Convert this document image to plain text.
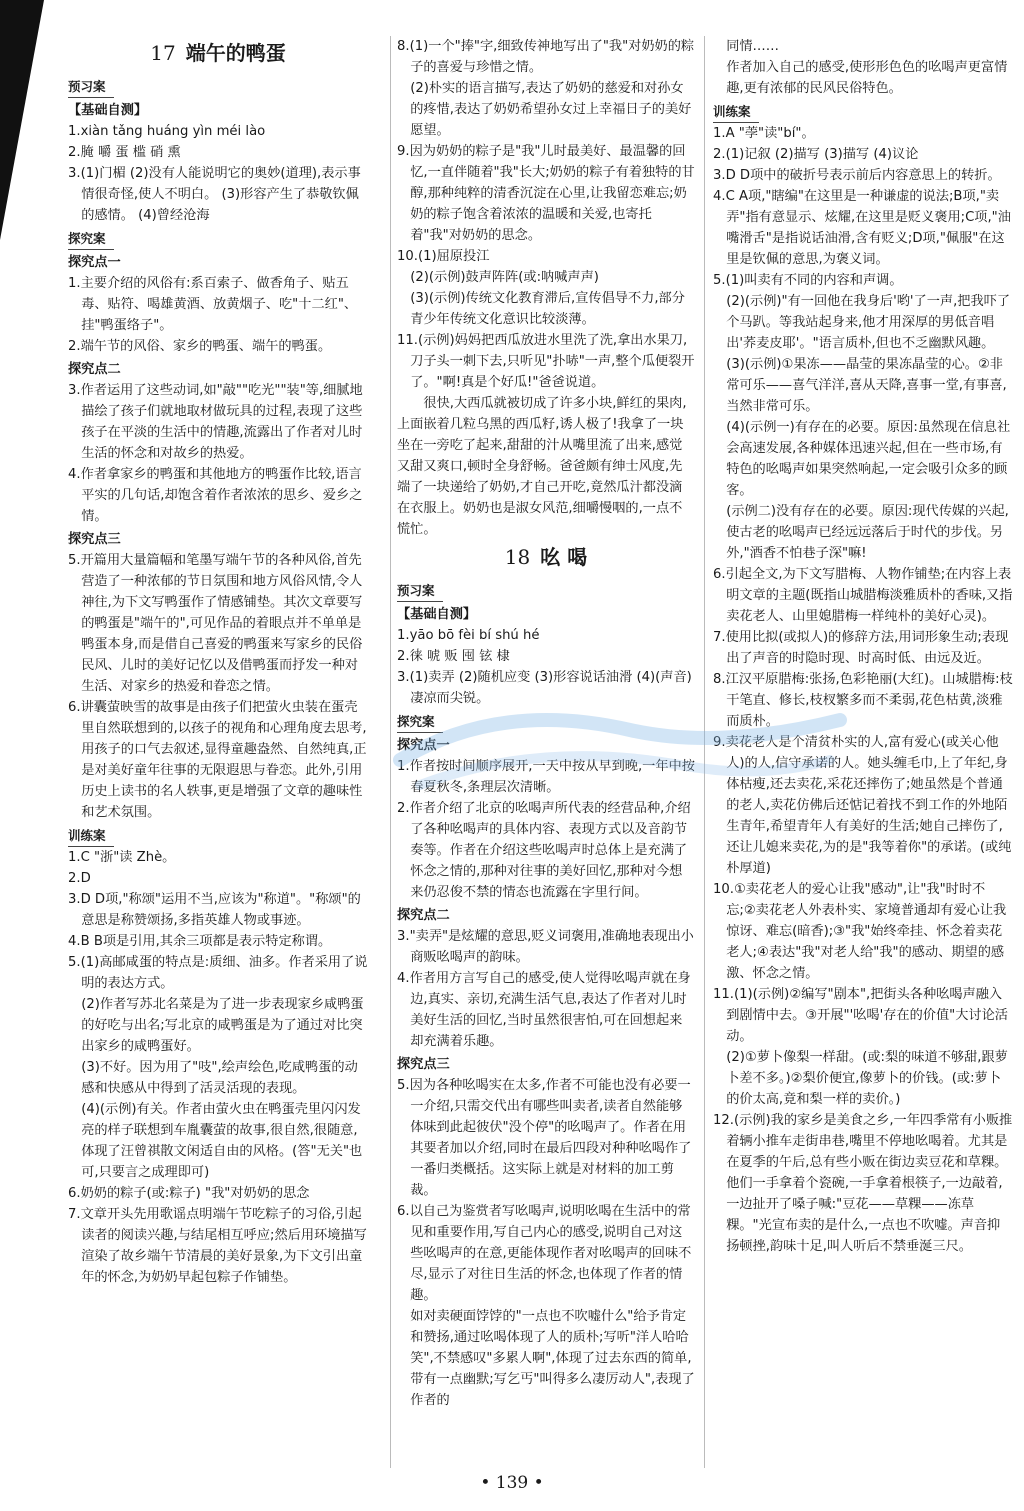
17 端午的鸭蛋
预习案
【基础自测】

1.xiàn tǎng huáng yìn méi lào

2.腌 嚼 蛋 槛 硝 熏

3.(1)门楣 (2)没有人能说明它的奥妙(道理),表示事情很奇怪,使人不明白。 (3)形容产生了恭敬钦佩的感情。 (4)曾经沧海

探究案
探究点一

1.主要介绍的风俗有:系百索子、做香角子、贴五毒、贴符、喝雄黄酒、放黄烟子、吃"十二红"、挂"鸭蛋络子"。

2.端午节的风俗、家乡的鸭蛋、端午的鸭蛋。

探究点二

3.作者运用了这些动词,如"敲""吃光""装"等,细腻地描绘了孩子们就地取材做玩具的过程,表现了这些孩子在平淡的生活中的情趣,流露出了作者对儿时生活的怀念和对故乡的热爱。

4.作者拿家乡的鸭蛋和其他地方的鸭蛋作比较,语言平实的几句话,却饱含着作者浓浓的思乡、爱乡之情。

探究点三

5.开篇用大量篇幅和笔墨写端午节的各种风俗,首先营造了一种浓郁的节日氛围和地方风俗风情,令人神往,为下文写鸭蛋作了情感铺垫。其次文章要写的鸭蛋是"端午的",可见作品的着眼点并不单单是鸭蛋本身,而是借自己喜爱的鸭蛋来写家乡的民俗民风、儿时的美好记忆以及借鸭蛋而抒发一种对生活、对家乡的热爱和眷恋之情。

6.讲囊萤映雪的故事是由孩子们把萤火虫装在蛋壳里自然联想到的,以孩子的视角和心理角度去思考,用孩子的口气去叙述,显得童趣盎然、自然纯真,正是对美好童年往事的无限遐思与眷恋。此外,引用历史上读书的名人轶事,更是增强了文章的趣味性和艺术氛围。

训练案

1.C "浙"读 Zhè。

2.D

3.D D项,"称颂"运用不当,应该为"称道"。"称颂"的意思是称赞颂扬,多指英雄人物或事迹。

4.B B项是引用,其余三项都是表示特定称谓。

5.(1)高邮咸蛋的特点是:质细、油多。作者采用了说明的表达方式。

(2)作者写苏北名菜是为了进一步表现家乡咸鸭蛋的好吃与出名;写北京的咸鸭蛋是为了通过对比突出家乡的咸鸭蛋好。

(3)不好。因为用了"吱",绘声绘色,吃咸鸭蛋的动感和快感从中得到了活灵活现的表现。

(4)(示例)有关。作者由萤火虫在鸭蛋壳里闪闪发亮的样子联想到车胤囊萤的故事,很自然,很随意,体现了汪曾祺散文闲适自由的风格。(答"无关"也可,只要言之成理即可)

6.奶奶的粽子(或:粽子) "我"对奶奶的思念

7.文章开头先用歌谣点明端午节吃粽子的习俗,引起读者的阅读兴趣,与结尾相互呼应;然后用环境描写渲染了故乡端午节清晨的美好景象,为下文引出童年的怀念,为奶奶早起包粽子作铺垫。

8.(1)一个"捧"字,细致传神地写出了"我"对奶奶的粽子的喜爱与珍惜之情。

(2)朴实的语言描写,表达了奶奶的慈爱和对孙女的疼惜,表达了奶奶希望孙女过上幸福日子的美好愿望。

9.因为奶奶的粽子是"我"儿时最美好、最温馨的回忆,一直伴随着"我"长大;奶奶的粽子有着独特的甘醇,那种纯粹的清香沉淀在心里,让我留恋难忘;奶奶的粽子饱含着浓浓的温暖和关爱,也寄托着"我"对奶奶的思念。

10.(1)屈原投江

(2)(示例)鼓声阵阵(或:呐喊声声)

(3)(示例)传统文化教育滞后,宣传倡导不力,部分青少年传统文化意识比较淡薄。

11.(示例)妈妈把西瓜放进水里洗了洗,拿出水果刀,刀子头一刺下去,只听见"扑哧"一声,整个瓜便裂开了。"啊!真是个好瓜!"爸爸说道。

很快,大西瓜就被切成了许多小块,鲜红的果肉,上面嵌着几粒乌黑的西瓜籽,诱人极了!我拿了一块坐在一旁吃了起来,甜甜的汁从嘴里流了出来,感觉又甜又爽口,顿时全身舒畅。爸爸颇有绅士风度,先端了一块递给了奶奶,才自己开吃,竟然瓜汁都没滴在衣服上。奶奶也是淑女风范,细嚼慢咽的,一点不慌忙。

18 吆 喝
预习案
【基础自测】

1.yāo bō fèi bí shú hé

2.徕 唬 贩 囤 铉 棣

3.(1)卖弄 (2)随机应变 (3)形容说话油滑 (4)(声音)凄凉而尖锐。

探究案
探究点一

1.作者按时间顺序展开,一天中按从早到晚,一年中按春夏秋冬,条理层次清晰。

2.作者介绍了北京的吆喝声所代表的经营品种,介绍了各种吆喝声的具体内容、表现方式以及音韵节奏等。作者在介绍这些吆喝声时总体上是充满了怀念之情的,那种对往事的美好回忆,那种对今想来仍忍俊不禁的情态也流露在字里行间。

探究点二

3."卖弄"是炫耀的意思,贬义词褒用,准确地表现出小商贩吆喝声的韵味。

4.作者用方言写自己的感受,使人觉得吆喝声就在身边,真实、亲切,充满生活气息,表达了作者对儿时美好生活的回忆,当时虽然很害怕,可在回想起来却充满着乐趣。

探究点三

5.因为各种吆喝实在太多,作者不可能也没有必要一一介绍,只需交代出有哪些叫卖者,读者自然能够体味到此起彼伏"没个停"的吆喝声了。作者在用其要者加以介绍,同时在最后四段对种种吆喝作了一番归类概括。这实际上就是对材料的加工剪裁。

6.以自己为鉴赏者写吆喝声,说明吆喝在生活中的常见和重要作用,写自己内心的感受,说明自己对这些吆喝声的在意,更能体现作者对吆喝声的回味不尽,显示了对往日生活的怀念,也体现了作者的情趣。

如对卖硬面饽饽的"一点也不吹嘘什么"给予肯定和赞扬,通过吆喝体现了人的质朴;写听"洋人哈哈笑",不禁感叹"多累人啊",体现了过去东西的简单,带有一点幽默;写乞丐"叫得多么凄厉动人",表现了作者的

同情……

作者加入自己的感受,使形形色色的吆喝声更富情趣,更有浓郁的民风民俗特色。

训练案

1.A "荸"读"bí"。

2.(1)记叙 (2)描写 (3)描写 (4)议论

3.D D项中的破折号表示前后内容意思上的转折。

4.C A项,"瞎编"在这里是一种谦虚的说法;B项,"卖弄"指有意显示、炫耀,在这里是贬义褒用;C项,"油嘴滑舌"是指说话油滑,含有贬义;D项,"佩服"在这里是钦佩的意思,为褒义词。

5.(1)叫卖有不同的内容和声调。

(2)(示例)"有一回他在我身后'哟'了一声,把我吓了个马趴。等我站起身来,他才用深厚的男低音唱出'荞麦皮耶'。"语言质朴,但也不乏幽默风趣。

(3)(示例)①果冻——晶莹的果冻晶莹的心。②非常可乐——喜气洋洋,喜从天降,喜事一堂,有事喜,当然非常可乐。

(4)(示例一)有存在的必要。原因:虽然现在信息社会高速发展,各种媒体迅速兴起,但在一些市场,有特色的吆喝声如果突然响起,一定会吸引众多的顾客。

(示例二)没有存在的必要。原因:现代传媒的兴起,使古老的吆喝声已经远远落后于时代的步伐。另外,"酒香不怕巷子深"嘛!

6.引起全文,为下文写腊梅、人物作铺垫;在内容上表明文章的主题(既指山城腊梅淡雅质朴的香味,又指卖花老人、山里媳腊梅一样纯朴的美好心灵)。

7.使用比拟(或拟人)的修辞方法,用词形象生动;表现出了声音的时隐时现、时高时低、由远及近。

8.江汉平原腊梅:张扬,色彩艳丽(大红)。山城腊梅:枝干笔直、修长,枝杈繁多而不柔弱,花色枯黄,淡雅而质朴。

9.卖花老人是个清贫朴实的人,富有爱心(或关心他人)的人,信守承诺的人。她头缠毛巾,上了年纪,身体枯瘦,还去卖花,采花还摔伤了;她虽然是个普通的老人,卖花仿佛后还惦记着找不到工作的外地陌生青年,希望青年人有美好的生活;她自己摔伤了,还让儿媳来卖花,为的是"我等着你"的承诺。(或纯朴厚道)

10.①卖花老人的爱心让我"感动",让"我"时时不忘;②卖花老人外表朴实、家境普通却有爱心让我惊讶、难忘(暗香);③"我"始终牵挂、怀念着卖花老人;④表达"我"对老人给"我"的感动、期望的感激、怀念之情。

11.(1)(示例)②编写"剧本",把街头各种吆喝声融入到剧情中去。③开展"'吆喝'存在的价值"大讨论活动。

(2)①萝卜像梨一样甜。(或:梨的味道不够甜,跟萝卜差不多。)②梨价便宜,像萝卜的价钱。(或:萝卜的价太高,竟和梨一样的卖价。)

12.(示例)我的家乡是美食之乡,一年四季常有小贩推着辆小推车走街串巷,嘴里不停地吆喝着。尤其是在夏季的午后,总有些小贩在街边卖豆花和草粿。他们一手拿着个瓷碗,一手拿着根筷子,一边敲着,一边扯开了嗓子喊:"豆花——草粿——冻草粿。"光宣布卖的是什么,一点也不吹嘘。声音抑扬顿挫,韵味十足,叫人听后不禁垂涎三尺。

• 139 •
